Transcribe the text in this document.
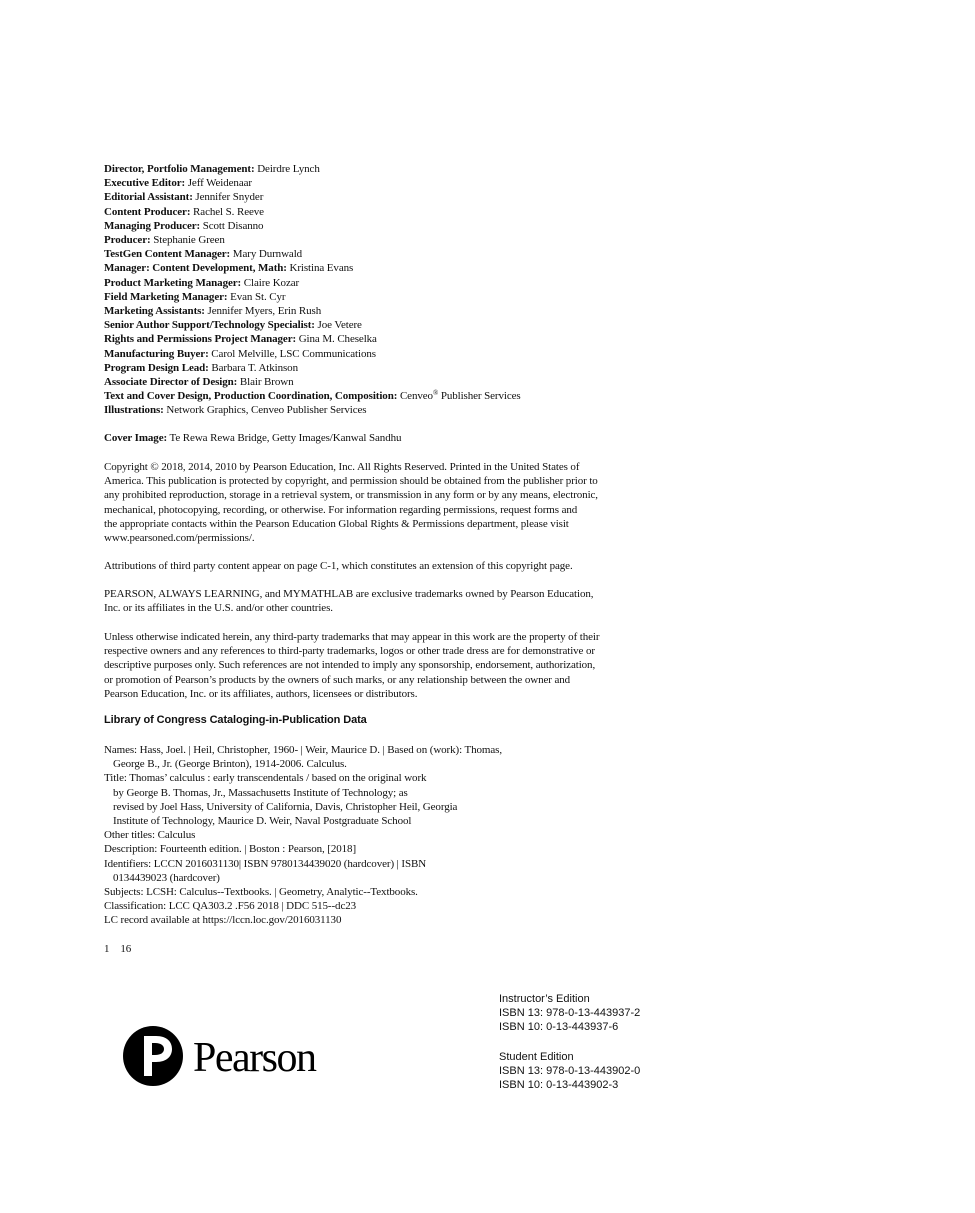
Director, Portfolio Management: Deirdre Lynch
Executive Editor: Jeff Weidenaar
Editorial Assistant: Jennifer Snyder
Content Producer: Rachel S. Reeve
Managing Producer: Scott Disanno
Producer: Stephanie Green
TestGen Content Manager: Mary Durnwald
Manager: Content Development, Math: Kristina Evans
Product Marketing Manager: Claire Kozar
Field Marketing Manager: Evan St. Cyr
Marketing Assistants: Jennifer Myers, Erin Rush
Senior Author Support/Technology Specialist: Joe Vetere
Rights and Permissions Project Manager: Gina M. Cheselka
Manufacturing Buyer: Carol Melville, LSC Communications
Program Design Lead: Barbara T. Atkinson
Associate Director of Design: Blair Brown
Text and Cover Design, Production Coordination, Composition: Cenveo® Publisher Services
Illustrations: Network Graphics, Cenveo Publisher Services
Cover Image: Te Rewa Rewa Bridge, Getty Images/Kanwal Sandhu
Copyright © 2018, 2014, 2010 by Pearson Education, Inc. All Rights Reserved. Printed in the United States of
America. This publication is protected by copyright, and permission should be obtained from the publisher prior to
any prohibited reproduction, storage in a retrieval system, or transmission in any form or by any means, electronic,
mechanical, photocopying, recording, or otherwise. For information regarding permissions, request forms and
the appropriate contacts within the Pearson Education Global Rights & Permissions department, please visit
www.pearsoned.com/permissions/.
Attributions of third party content appear on page C-1, which constitutes an extension of this copyright page.
PEARSON, ALWAYS LEARNING, and MYMATHLAB are exclusive trademarks owned by Pearson Education,
Inc. or its affiliates in the U.S. and/or other countries.
Unless otherwise indicated herein, any third-party trademarks that may appear in this work are the property of their
respective owners and any references to third-party trademarks, logos or other trade dress are for demonstrative or
descriptive purposes only. Such references are not intended to imply any sponsorship, endorsement, authorization,
or promotion of Pearson’s products by the owners of such marks, or any relationship between the owner and
Pearson Education, Inc. or its affiliates, authors, licensees or distributors.
Library of Congress Cataloging-in-Publication Data
Names: Hass, Joel. | Heil, Christopher, 1960- | Weir, Maurice D. | Based on (work): Thomas,
George B., Jr. (George Brinton), 1914-2006. Calculus.
Title: Thomas’ calculus : early transcendentals / based on the original work
by George B. Thomas, Jr., Massachusetts Institute of Technology; as
revised by Joel Hass, University of California, Davis, Christopher Heil, Georgia
Institute of Technology, Maurice D. Weir, Naval Postgraduate School
Other titles: Calculus
Description: Fourteenth edition. | Boston : Pearson, [2018]
Identifiers: LCCN 2016031130| ISBN 9780134439020 (hardcover) | ISBN
0134439023 (hardcover)
Subjects: LCSH: Calculus--Textbooks. | Geometry, Analytic--Textbooks.
Classification: LCC QA303.2 .F56 2018 | DDC 515--dc23
LC record available at https://lccn.loc.gov/2016031130
1 16
Pearson
Instructor’s Edition
ISBN 13: 978-0-13-443937-2
ISBN 10: 0-13-443937-6
Student Edition
ISBN 13: 978-0-13-443902-0
ISBN 10: 0-13-443902-3
